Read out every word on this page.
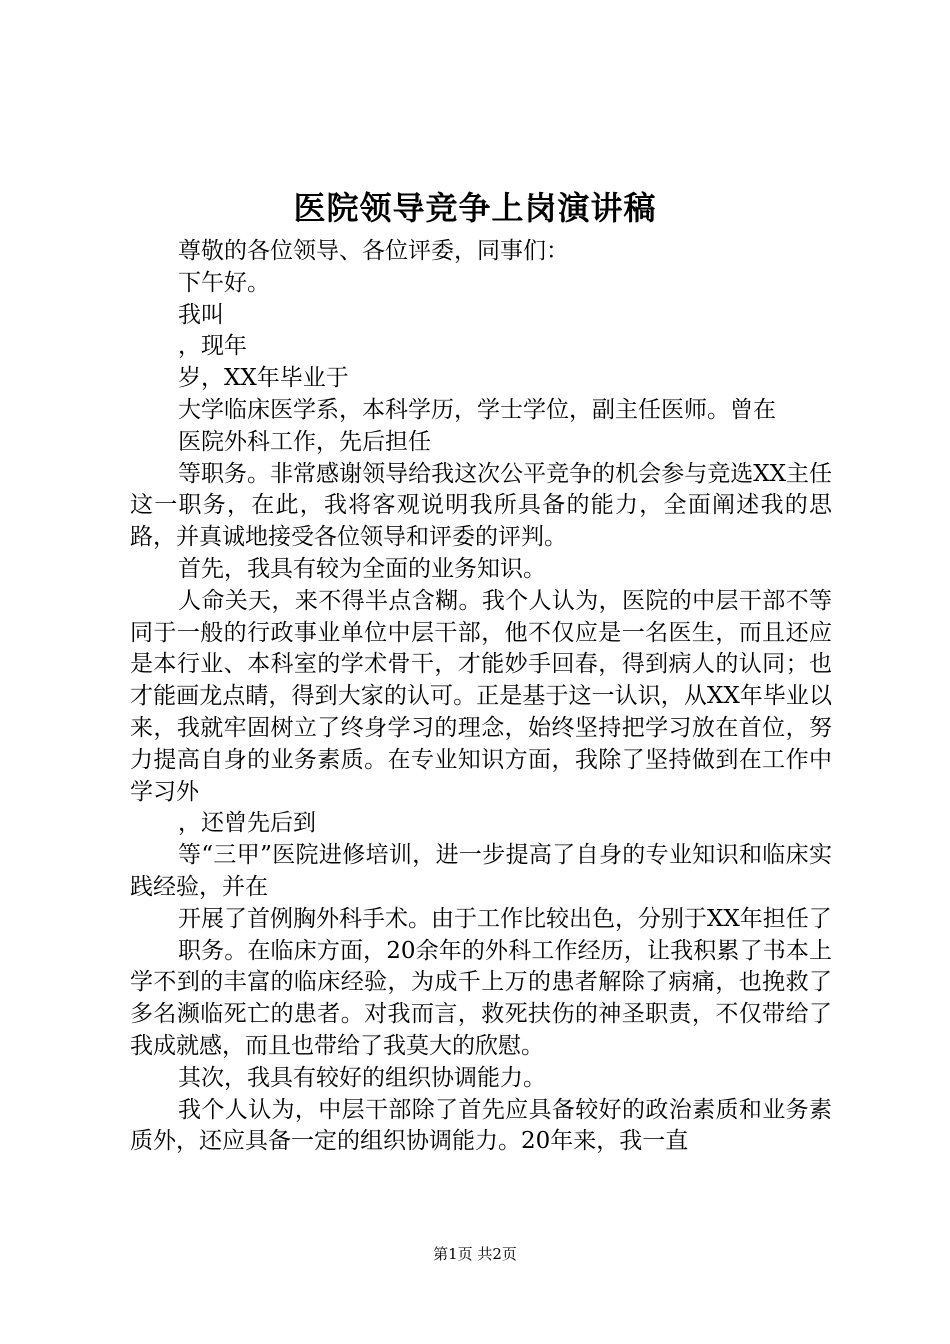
医院领导竞争上岗演讲稿

尊敬的各位领导、各位评委，同事们：

下午好。

我叫

，现年

岁，XX年毕业于

大学临床医学系，本科学历，学士学位，副主任医师。曾在

医院外科工作，先后担任

等职务。非常感谢领导给我这次公平竞争的机会参与竞选XX主任这一职务，在此，我将客观说明我所具备的能力，全面阐述我的思路，并真诚地接受各位领导和评委的评判。

首先，我具有较为全面的业务知识。

人命关天，来不得半点含糊。我个人认为，医院的中层干部不等同于一般的行政事业单位中层干部，他不仅应是一名医生，而且还应是本行业、本科室的学术骨干，才能妙手回春，得到病人的认同；也才能画龙点睛，得到大家的认可。正是基于这一认识，从XX年毕业以来，我就牢固树立了终身学习的理念，始终坚持把学习放在首位，努力提高自身的业务素质。在专业知识方面，我除了坚持做到在工作中学习外

，还曾先后到

等“三甲”医院进修培训，进一步提高了自身的专业知识和临床实践经验，并在

开展了首例胸外科手术。由于工作比较出色，分别于XX年担任了

职务。在临床方面，20余年的外科工作经历，让我积累了书本上学不到的丰富的临床经验，为成千上万的患者解除了病痛，也挽救了多名濒临死亡的患者。对我而言，救死扶伤的神圣职责，不仅带给了我成就感，而且也带给了我莫大的欣慰。

其次，我具有较好的组织协调能力。

我个人认为，中层干部除了首先应具备较好的政治素质和业务素质外，还应具备一定的组织协调能力。20年来，我一直

第1页 共2页
